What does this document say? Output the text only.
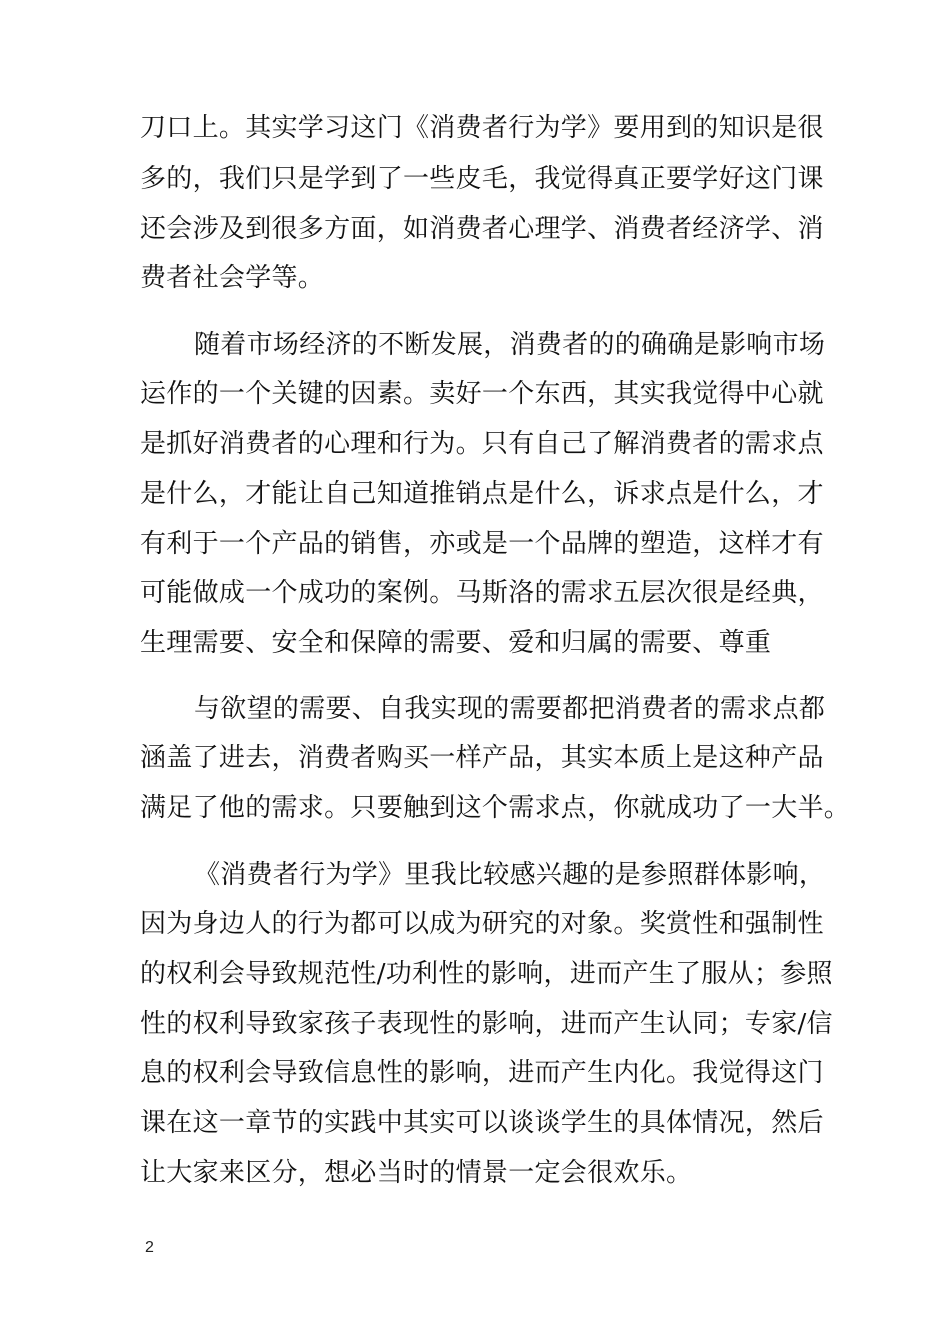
刀口上。其实学习这门《消费者行为学》要用到的知识是很
多的，我们只是学到了一些皮毛，我觉得真正要学好这门课
还会涉及到很多方面，如消费者心理学、消费者经济学、消
费者社会学等。
随着市场经济的不断发展，消费者的的确确是影响市场
运作的一个关键的因素。卖好一个东西，其实我觉得中心就
是抓好消费者的心理和行为。只有自己了解消费者的需求点
是什么，才能让自己知道推销点是什么，诉求点是什么，才
有利于一个产品的销售，亦或是一个品牌的塑造，这样才有
可能做成一个成功的案例。马斯洛的需求五层次很是经典，
生理需要、安全和保障的需要、爱和归属的需要、尊重
与欲望的需要、自我实现的需要都把消费者的需求点都
涵盖了进去，消费者购买一样产品，其实本质上是这种产品
满足了他的需求。只要触到这个需求点，你就成功了一大半。
《消费者行为学》里我比较感兴趣的是参照群体影响，
因为身边人的行为都可以成为研究的对象。奖赏性和强制性
的权利会导致规范性/功利性的影响，进而产生了服从；参照
性的权利导致家孩子表现性的影响，进而产生认同；专家/信
息的权利会导致信息性的影响，进而产生内化。我觉得这门
课在这一章节的实践中其实可以谈谈学生的具体情况，然后
让大家来区分，想必当时的情景一定会很欢乐。
2
